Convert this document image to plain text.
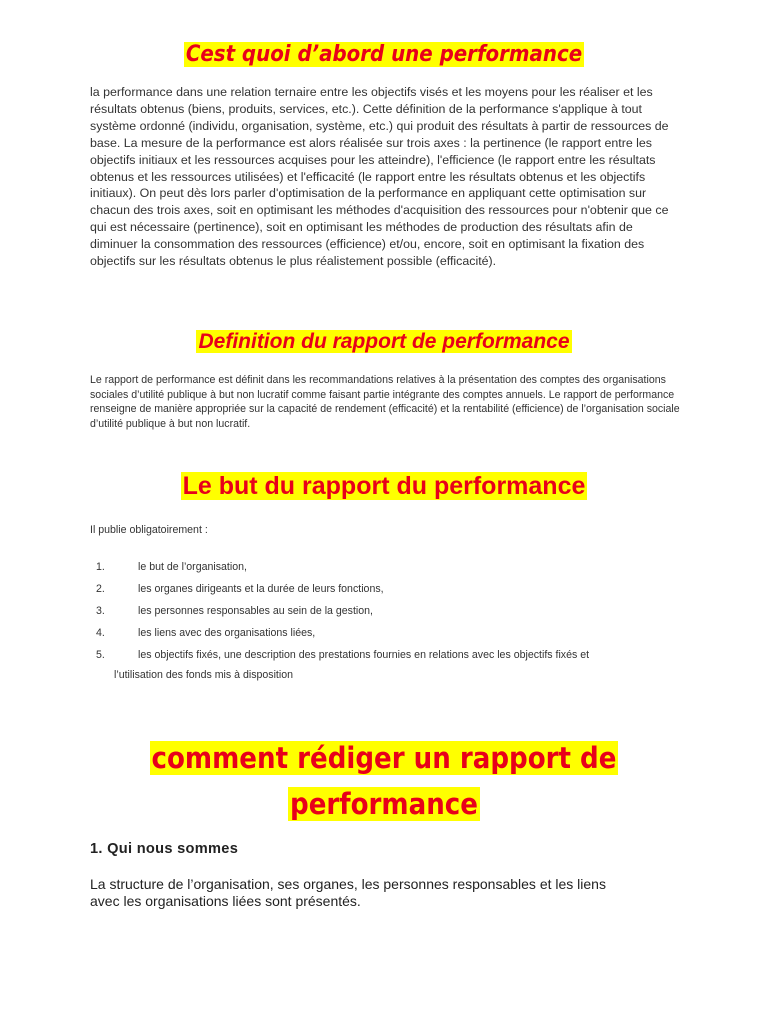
Cest quoi d’abord une performance
la performance dans une relation ternaire entre les objectifs visés et les moyens pour les réaliser et les résultats obtenus (biens, produits, services, etc.). Cette définition de la performance s'applique à tout système ordonné (individu, organisation, système, etc.) qui produit des résultats à partir de ressources de base. La mesure de la performance est alors réalisée sur trois axes : la pertinence (le rapport entre les objectifs initiaux et les ressources acquises pour les atteindre), l'efficience (le rapport entre les résultats obtenus et les ressources utilisées) et l'efficacité (le rapport entre les résultats obtenus et les objectifs initiaux). On peut dès lors parler d'optimisation de la performance en appliquant cette optimisation sur chacun des trois axes, soit en optimisant les méthodes d'acquisition des ressources pour n'obtenir que ce qui est nécessaire (pertinence), soit en optimisant les méthodes de production des résultats afin de diminuer la consommation des ressources (efficience) et/ou, encore, soit en optimisant la fixation des objectifs sur les résultats obtenus le plus réalistement possible (efficacité).
Definition du rapport de performance
Le rapport de performance est définit dans les recommandations relatives à la présentation des comptes des organisations sociales d’utilité publique à but non lucratif comme faisant partie intégrante des comptes annuels. Le rapport de performance renseigne de manière appropriée sur la capacité de rendement (efficacité) et la rentabilité (efficience) de l’organisation sociale d’utilité publique à but non lucratif.
Le but du rapport du performance
Il publie obligatoirement :
1.	le but de l’organisation,
2.	les organes dirigeants et la durée de leurs fonctions,
3.	les personnes responsables au sein de la gestion,
4.	les liens avec des organisations liées,
5.	les objectifs fixés, une description des prestations fournies en relations avec les objectifs fixés et
l’utilisation des fonds mis à disposition
comment rédiger un rapport de
performance
1. Qui nous sommes
La structure de l’organisation, ses organes, les personnes responsables et les liens
avec les organisations liées sont présentés.
